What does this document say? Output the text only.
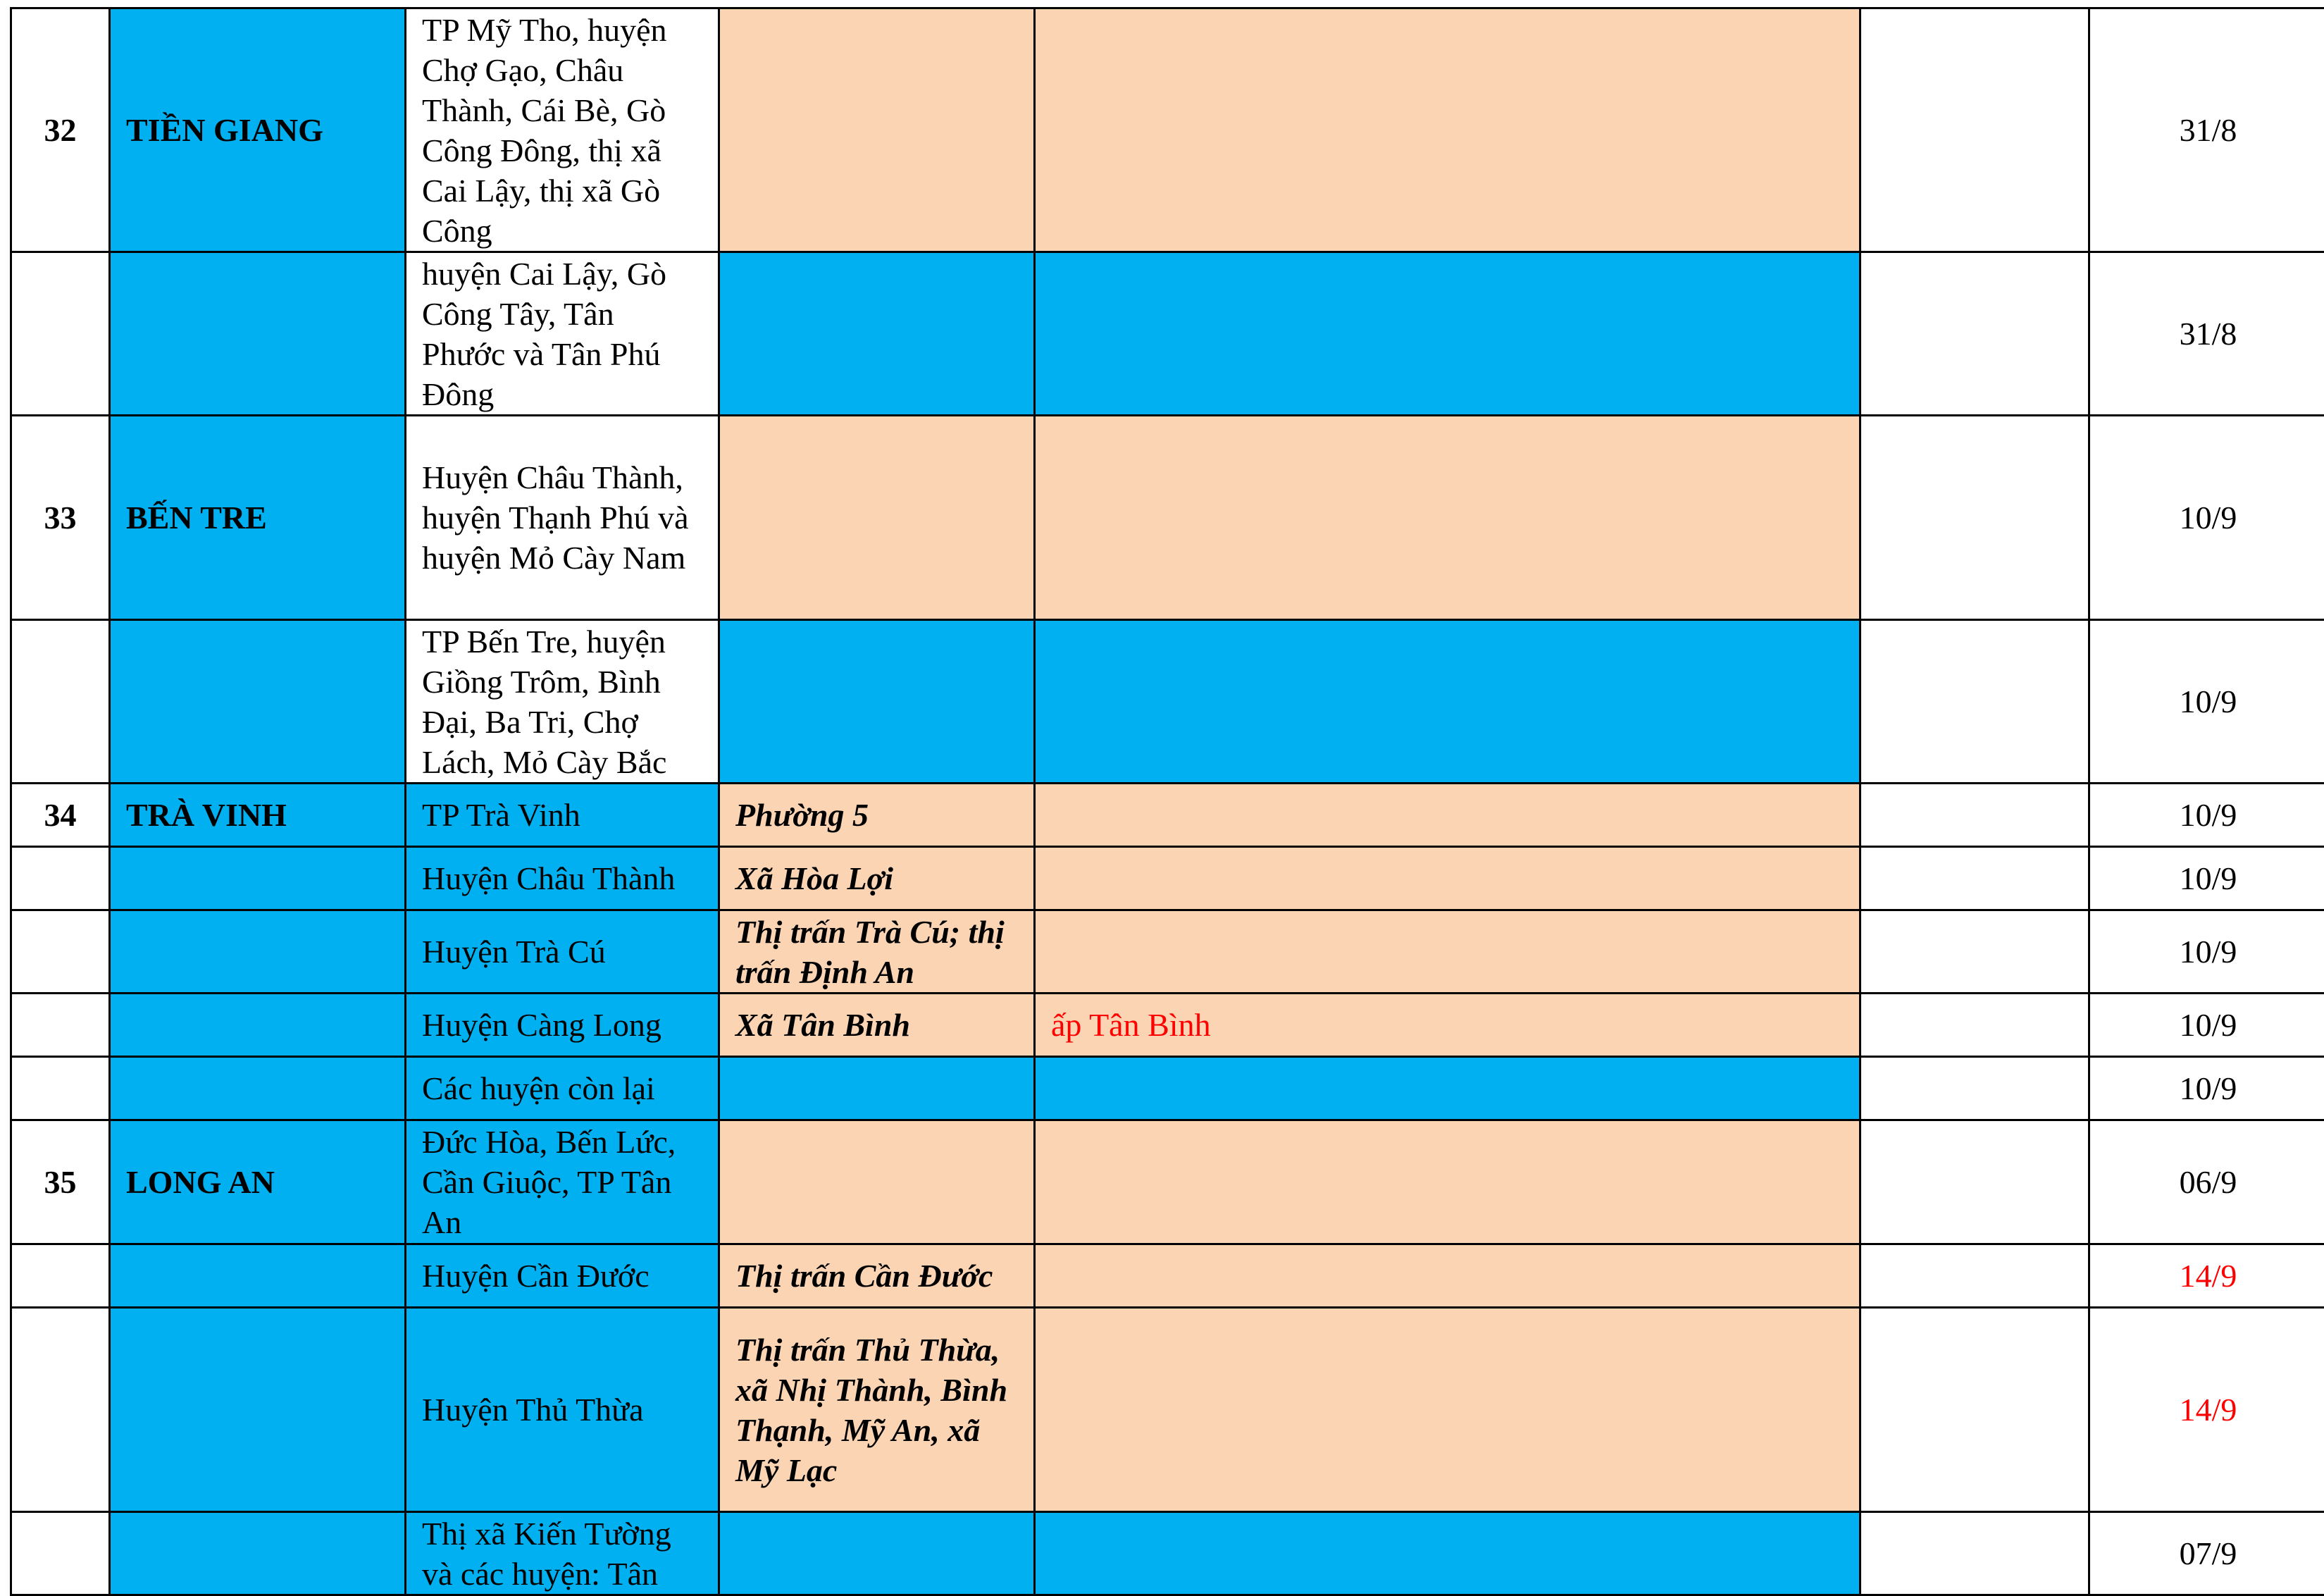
32	TIỀN GIANG	TP Mỹ Tho, huyện Chợ Gạo, Châu Thành, Cái Bè, Gò Công Đông, thị xã Cai Lậy, thị xã Gò Công				31/8
		huyện Cai Lậy, Gò Công Tây, Tân Phước và Tân Phú Đông				31/8
33	BẾN TRE	Huyện Châu Thành, huyện Thạnh Phú và huyện Mỏ Cày Nam				10/9
		TP Bến Tre, huyện Giồng Trôm, Bình Đại, Ba Tri, Chợ Lách, Mỏ Cày Bắc				10/9
34	TRÀ VINH	TP Trà Vinh	Phường 5			10/9
		Huyện Châu Thành	Xã Hòa Lợi			10/9
		Huyện Trà Cú	Thị trấn Trà Cú; thị trấn Định An			10/9
		Huyện Càng Long	Xã Tân Bình	ấp Tân Bình		10/9
		Các huyện còn lại				10/9
35	LONG AN	Đức Hòa, Bến Lức, Cần Giuộc, TP Tân An				06/9
		Huyện Cần Đước	Thị trấn Cần Đước			14/9
		Huyện Thủ Thừa	Thị trấn Thủ Thừa, xã Nhị Thành, Bình Thạnh, Mỹ An, xã Mỹ Lạc			14/9
		Thị xã Kiến Tường và các huyện: Tân				07/9
